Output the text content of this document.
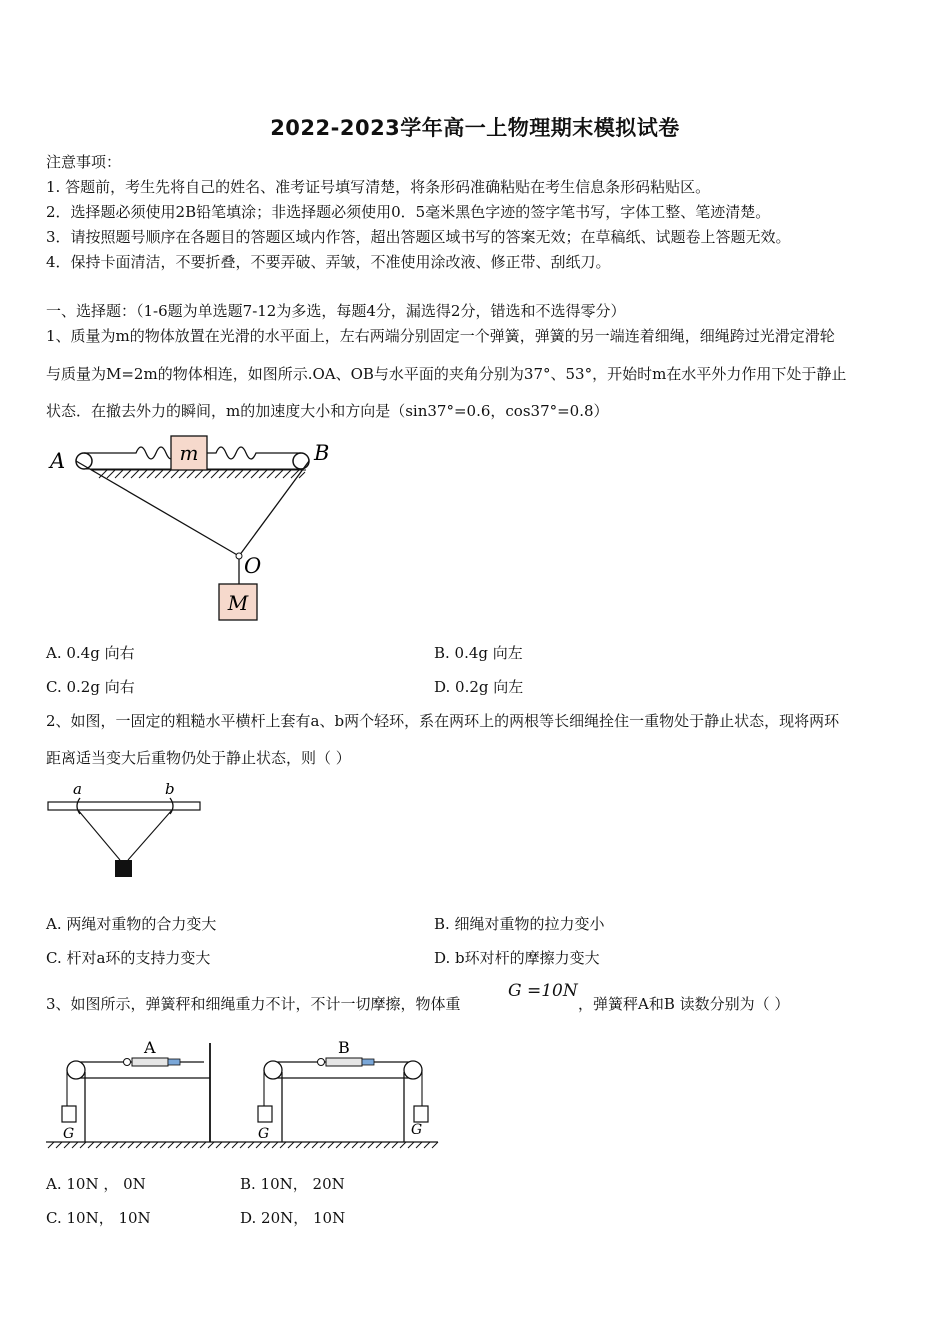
2022-2023学年高一上物理期末模拟试卷
注意事项：
1. 答题前，考生先将自己的姓名、准考证号填写清楚，将条形码准确粘贴在考生信息条形码粘贴区。
2．选择题必须使用2B铅笔填涂；非选择题必须使用0．5毫米黑色字迹的签字笔书写，字体工整、笔迹清楚。
3．请按照题号顺序在各题目的答题区域内作答，超出答题区域书写的答案无效；在草稿纸、试题卷上答题无效。
4．保持卡面清洁，不要折叠，不要弄破、弄皱，不准使用涂改液、修正带、刮纸刀。
一、选择题：（1-6题为单选题7-12为多选，每题4分，漏选得2分，错选和不选得零分）
1、质量为m的物体放置在光滑的水平面上，左右两端分别固定一个弹簧，弹簧的另一端连着细绳，细绳跨过光滑定滑轮
与质量为M=2m的物体相连，如图所示.OA、OB与水平面的夹角分别为37°、53°，开始时m在水平外力作用下处于静止
状态．在撤去外力的瞬间，m的加速度大小和方向是（sin37°=0.6，cos37°=0.8）
m
M
A	B
O
A. 0.4g 向右	B. 0.4g 向左
C. 0.2g 向右	D. 0.2g 向左
2、如图，一固定的粗糙水平横杆上套有a、b两个轻环，系在两环上的两根等长细绳拴住一重物处于静止状态，现将两环
距离适当变大后重物仍处于静止状态，则（ ）
a	b
A. 两绳对重物的合力变大	B. 细绳对重物的拉力变小
C. 杆对a环的支持力变大	D. b环对杆的摩擦力变大
3、如图所示，弹簧秤和细绳重力不计，不计一切摩擦，物体重
G =10N
，弹簧秤A和B 读数分别为（ ）
G
A
G	G
B
A. 10N ， 0N	B. 10N， 20N
C. 10N， 10N	D. 20N， 10N
